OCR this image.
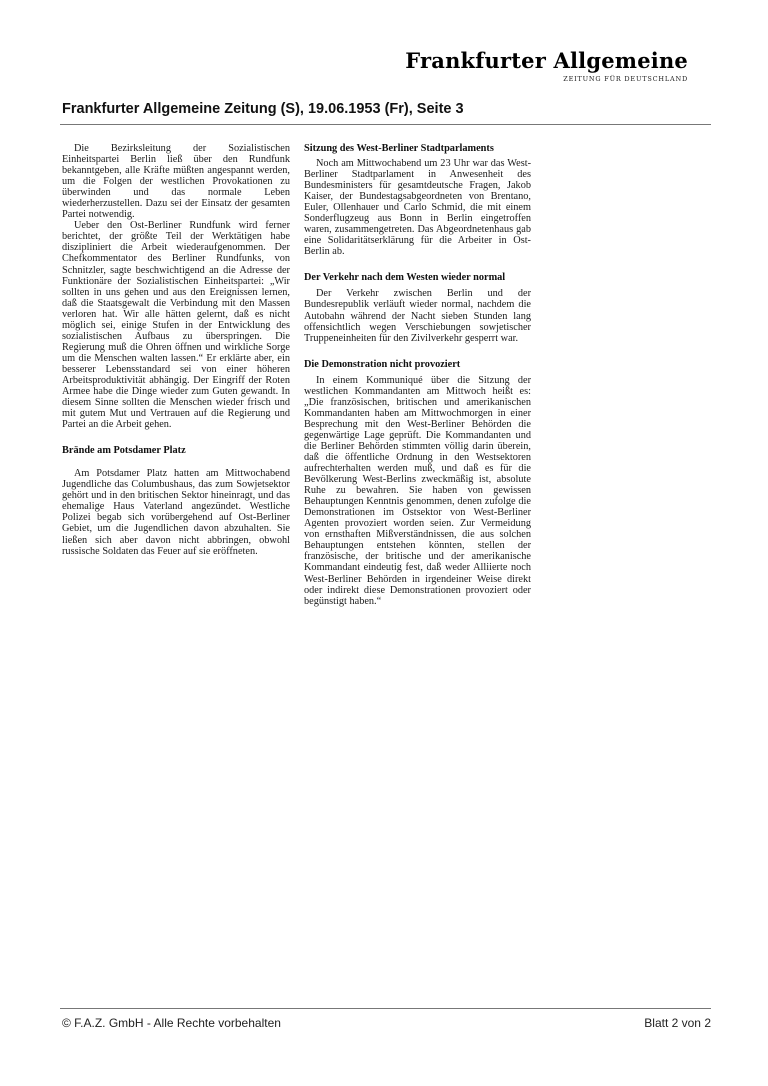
Frankfurter Allgemeine
ZEITUNG FÜR DEUTSCHLAND
Frankfurter Allgemeine Zeitung (S), 19.06.1953 (Fr), Seite 3

Die Bezirksleitung der Sozialistischen Einheitspartei Berlin ließ über den Rundfunk bekanntgeben, alle Kräfte müßten angespannt werden, um die Folgen der westlichen Provokationen zu überwinden und das normale Leben wiederherzustellen. Dazu sei der Einsatz der gesamten Partei notwendig.

Ueber den Ost-Berliner Rundfunk wird ferner berichtet, der größte Teil der Werktätigen habe diszipliniert die Arbeit wiederaufgenommen. Der Chefkommentator des Berliner Rundfunks, von Schnitzler, sagte beschwichtigend an die Adresse der Funktionäre der Sozialistischen Einheitspartei: „Wir sollten in uns gehen und aus den Ereignissen lernen, daß die Staatsgewalt die Verbindung mit den Massen verloren hat. Wir alle hätten gelernt, daß es nicht möglich sei, einige Stufen in der Entwicklung des sozialistischen Aufbaus zu überspringen. Die Regierung muß die Ohren öffnen und wirkliche Sorge um die Menschen walten lassen.“ Er erklärte aber, ein besserer Lebensstandard sei von einer höheren Arbeitsproduktivität abhängig. Der Eingriff der Roten Armee habe die Dinge wieder zum Guten gewandt. In diesem Sinne sollten die Menschen wieder frisch und mit gutem Mut und Vertrauen auf die Regierung und Partei an die Arbeit gehen.

Brände am Potsdamer Platz

Am Potsdamer Platz hatten am Mittwochabend Jugendliche das Columbushaus, das zum Sowjetsektor gehört und in den britischen Sektor hineinragt, und das ehemalige Haus Vaterland angezündet. Westliche Polizei begab sich vorübergehend auf Ost-Berliner Gebiet, um die Jugendlichen davon abzuhalten. Sie ließen sich aber davon nicht abbringen, obwohl russische Soldaten das Feuer auf sie eröffneten.

Sitzung des West-Berliner Stadtparlaments

Noch am Mittwochabend um 23 Uhr war das West-Berliner Stadtparlament in Anwesenheit des Bundesministers für gesamtdeutsche Fragen, Jakob Kaiser, der Bundestagsabgeordneten von Brentano, Euler, Ollenhauer und Carlo Schmid, die mit einem Sonderflugzeug aus Bonn in Berlin eingetroffen waren, zusammengetreten. Das Abgeordnetenhaus gab eine Solidaritätserklärung für die Arbeiter in Ost-Berlin ab.

Der Verkehr nach dem Westen wieder normal

Der Verkehr zwischen Berlin und der Bundesrepublik verläuft wieder normal, nachdem die Autobahn während der Nacht sieben Stunden lang offensichtlich wegen Verschiebungen sowjetischer Truppeneinheiten für den Zivilverkehr gesperrt war.

Die Demonstration nicht provoziert

In einem Kommuniqué über die Sitzung der westlichen Kommandanten am Mittwoch heißt es: „Die französischen, britischen und amerikanischen Kommandanten haben am Mittwochmorgen in einer Besprechung mit den West-Berliner Behörden die gegenwärtige Lage geprüft. Die Kommandanten und die Berliner Behörden stimmten völlig darin überein, daß die öffentliche Ordnung in den Westsektoren aufrechterhalten werden muß, und daß es für die Bevölkerung West-Berlins zweckmäßig ist, absolute Ruhe zu bewahren. Sie haben von gewissen Behauptungen Kenntnis genommen, denen zufolge die Demonstrationen im Ostsektor von West-Berliner Agenten provoziert worden seien. Zur Vermeidung von ernsthaften Mißverständnissen, die aus solchen Behauptungen entstehen könnten, stellen der französische, der britische und der amerikanische Kommandant eindeutig fest, daß weder Alliierte noch West-Berliner Behörden in irgendeiner Weise direkt oder indirekt diese Demonstrationen provoziert oder begünstigt haben.“

© F.A.Z. GmbH - Alle Rechte vorbehalten	Blatt 2 von 2
